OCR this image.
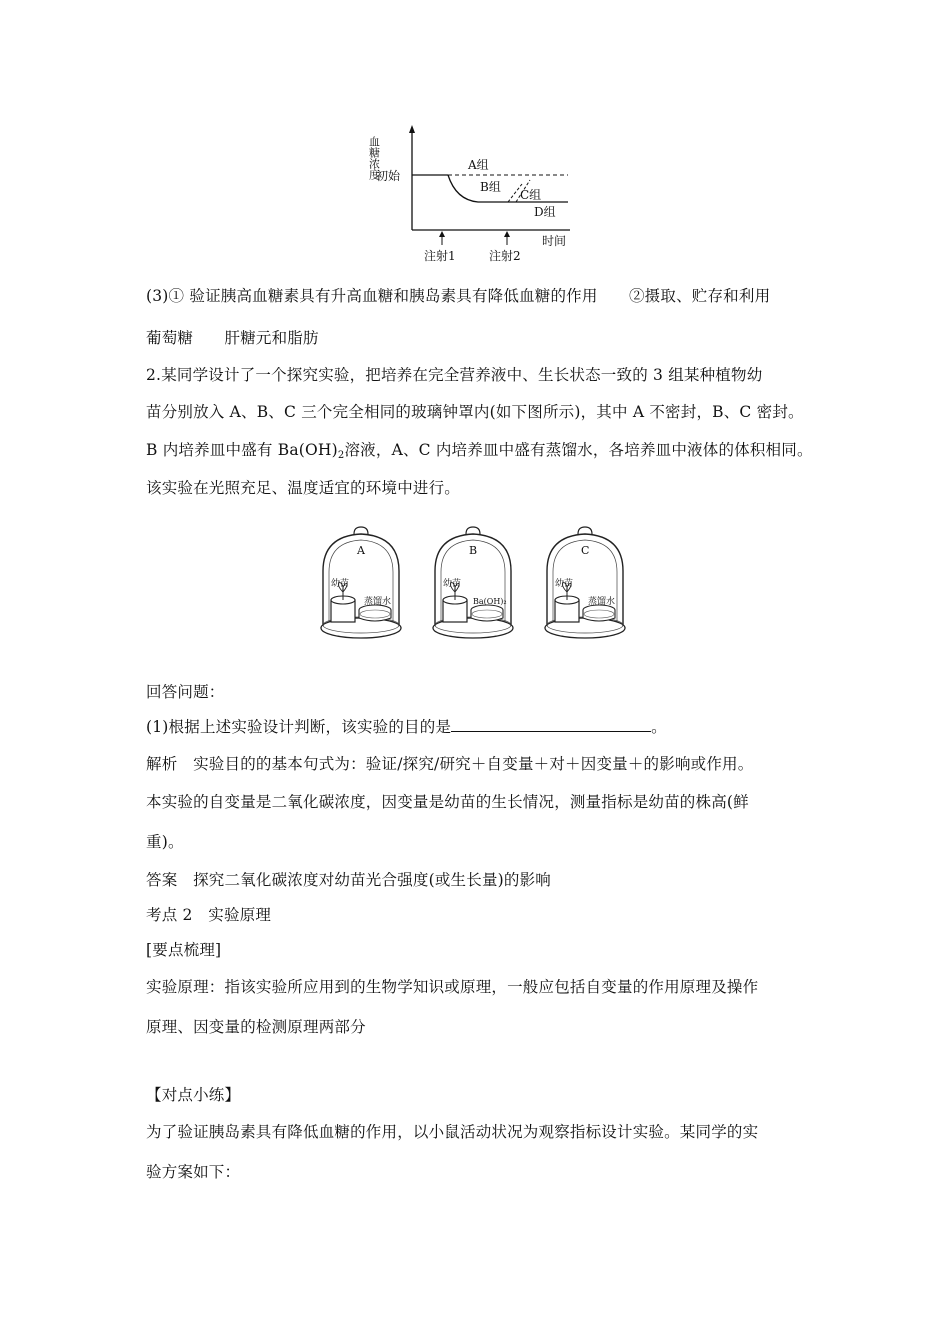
血糖浓度
初始
A组
B组
C组
D组
注射1	注射2
时间
(3)① 验证胰高血糖素具有升高血糖和胰岛素具有降低血糖的作用　　②摄取、贮存和利用
葡萄糖　　肝糖元和脂肪
2.某同学设计了一个探究实验，把培养在完全营养液中、生长状态一致的 3 组某种植物幼
苗分别放入 A、B、C 三个完全相同的玻璃钟罩内(如下图所示)，其中 A 不密封，B、C 密封。
B 内培养皿中盛有 $Ba(OH)_2$溶液，A、C 内培养皿中盛有蒸馏水，各培养皿中液体的体积相同。
该实验在光照充足、温度适宜的环境中进行。
A
幼苗
蒸馏水
B
幼苗
Ba(OH)₂
C
幼苗
蒸馏水
回答问题：
(1)根据上述实验设计判断，该实验的目的是	。
解析　实验目的的基本句式为：验证/探究/研究＋自变量＋对＋因变量＋的影响或作用。
本实验的自变量是二氧化碳浓度，因变量是幼苗的生长情况，测量指标是幼苗的株高(鲜
重)。
答案　探究二氧化碳浓度对幼苗光合强度(或生长量)的影响
考点 2　实验原理
[要点梳理]
实验原理：指该实验所应用到的生物学知识或原理，一般应包括自变量的作用原理及操作
原理、因变量的检测原理两部分
【对点小练】
为了验证胰岛素具有降低血糖的作用，以小鼠活动状况为观察指标设计实验。某同学的实
验方案如下：
